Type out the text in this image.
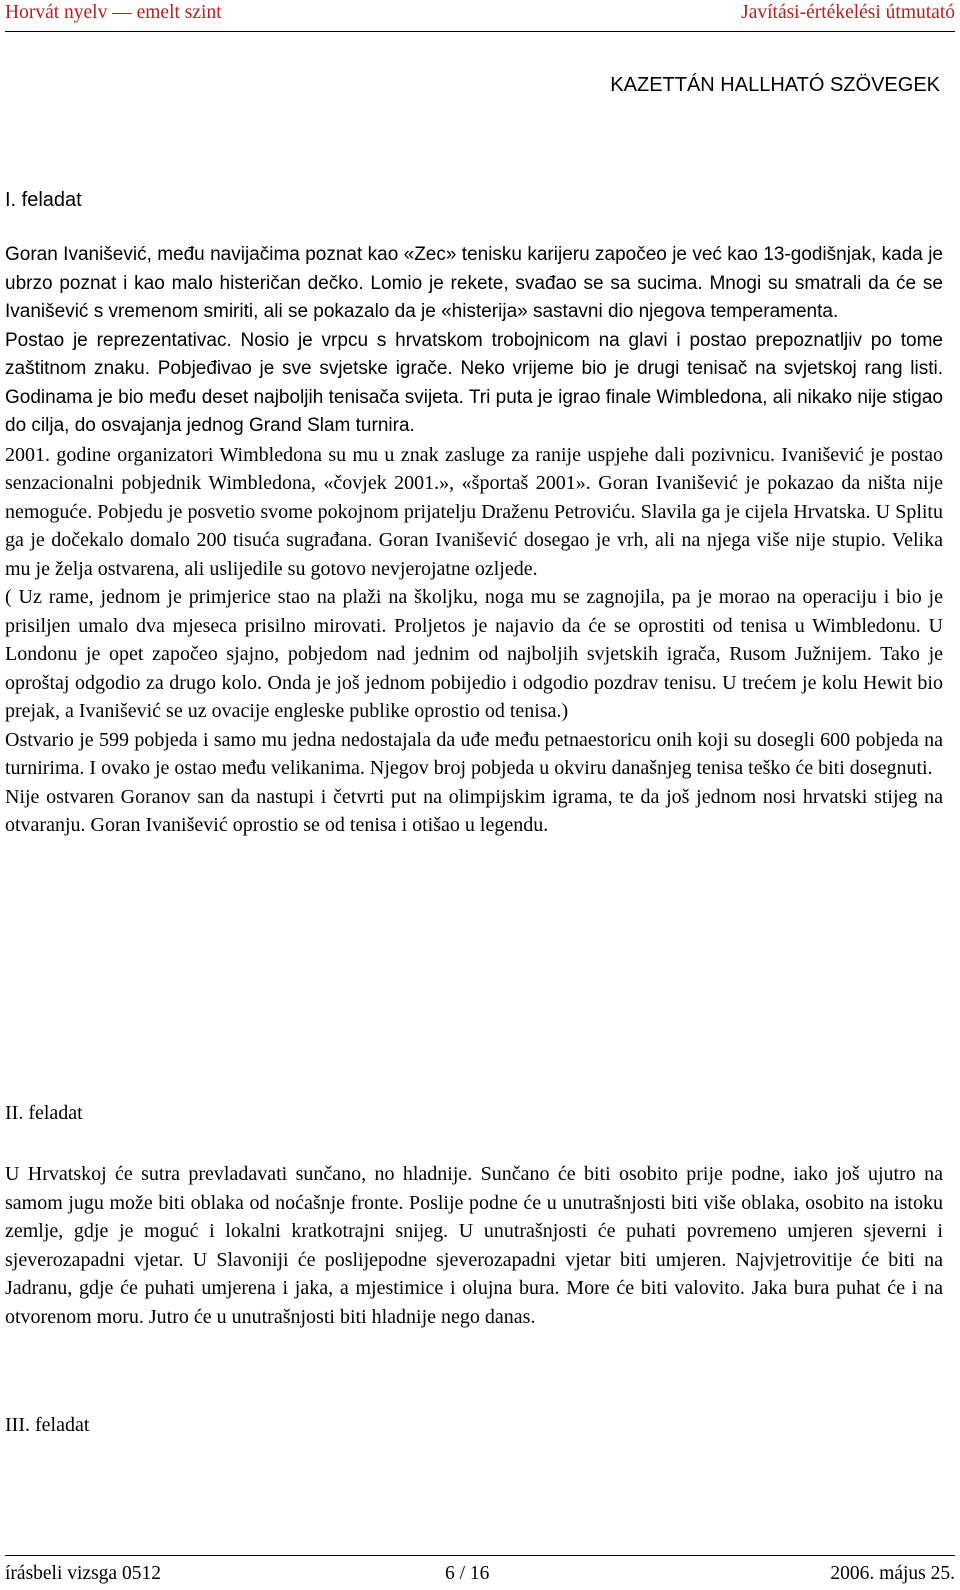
Horvát nyelv — emelt szint	Javítási-értékelési útmutató
KAZETTÁN HALLHATÓ SZÖVEGEK
I. feladat

Goran Ivanišević, među navijačima poznat kao «Zec» tenisku karijeru započeo je već kao 13-godišnjak, kada je ubrzo poznat i kao malo histeričan dečko. Lomio je rekete, svađao se sa sucima. Mnogi su smatrali da će se Ivanišević s vremenom smiriti, ali se pokazalo da je «histerija» sastavni dio njegova temperamenta.

Postao je reprezentativac. Nosio je vrpcu s hrvatskom trobojnicom na glavi i postao prepoznatljiv po tome zaštitnom znaku. Pobjeđivao je sve svjetske igrače. Neko vrijeme bio je drugi tenisač na svjetskoj rang listi. Godinama je bio među deset najboljih tenisača svijeta. Tri puta je igrao finale Wimbledona, ali nikako nije stigao do cilja, do osvajanja jednog Grand Slam turnira.

2001. godine organizatori Wimbledona su mu u znak zasluge za ranije uspjehe dali pozivnicu. Ivanišević je postao senzacionalni pobjednik Wimbledona, «čovjek 2001.», «športaš 2001». Goran Ivanišević je pokazao da ništa nije nemoguće. Pobjedu je posvetio svome pokojnom prijatelju Draženu Petroviću. Slavila ga je cijela Hrvatska. U Splitu ga je dočekalo domalo 200 tisuća sugrađana. Goran Ivanišević dosegao je vrh, ali na njega više nije stupio. Velika mu je želja ostvarena, ali uslijedile su gotovo nevjerojatne ozljede.

( Uz rame, jednom je primjerice stao na plaži na školjku, noga mu se zagnojila, pa je morao na operaciju i bio je prisiljen umalo dva mjeseca prisilno mirovati. Proljetos je najavio da će se oprostiti od tenisa u Wimbledonu. U Londonu je opet započeo sjajno, pobjedom nad jednim od najboljih svjetskih igrača, Rusom Južnijem. Tako je oproštaj odgodio za drugo kolo. Onda je još jednom pobijedio i odgodio pozdrav tenisu. U trećem je kolu Hewit bio prejak, a Ivanišević se uz ovacije engleske publike oprostio od tenisa.)

Ostvario je 599 pobjeda i samo mu jedna nedostajala da uđe među petnaestoricu onih koji su dosegli 600 pobjeda na turnirima. I ovako je ostao među velikanima. Njegov broj pobjeda u okviru današnjeg tenisa teško će biti dosegnuti.

Nije ostvaren Goranov san da nastupi i četvrti put na olimpijskim igrama, te da još jednom nosi hrvatski stijeg na otvaranju. Goran Ivanišević oprostio se od tenisa i otišao u legendu.

II. feladat

U Hrvatskoj će sutra prevladavati sunčano, no hladnije. Sunčano će biti osobito prije podne, iako još ujutro na samom jugu može biti oblaka od noćašnje fronte. Poslije podne će u unutrašnjosti biti više oblaka, osobito na istoku zemlje, gdje je moguć i lokalni kratkotrajni snijeg. U unutrašnjosti će puhati povremeno umjeren sjeverni i sjeverozapadni vjetar. U Slavoniji će poslijepodne sjeverozapadni vjetar biti umjeren. Najvjetrovitije će biti na Jadranu, gdje će puhati umjerena i jaka, a mjestimice i olujna bura. More će biti valovito. Jaka bura puhat će i na otvorenom moru. Jutro će u unutrašnjosti biti hladnije nego danas.

III. feladat
írásbeli vizsga 0512	6 / 16	2006. május 25.
